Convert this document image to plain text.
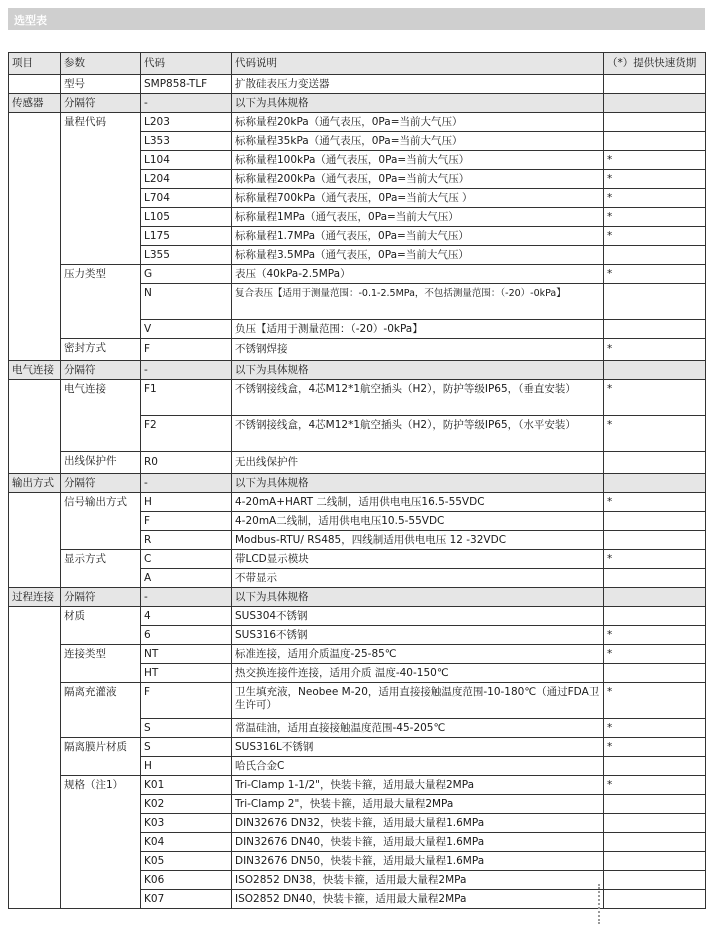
选型表
项目	参数	代码	代码说明	（*）提供快速货期
	型号	SMP858-TLF	扩散硅表压力变送器	
传感器	分隔符	-	以下为具体规格	
	量程代码	L203	标称量程20kPa（通气表压，0Pa=当前大气压）	
		L353	标称量程35kPa（通气表压，0Pa=当前大气压）	
		L104	标称量程100kPa（通气表压，0Pa=当前大气压）	*
		L204	标称量程200kPa（通气表压，0Pa=当前大气压）	*
		L704	标称量程700kPa（通气表压，0Pa=当前大气压 ）	*
		L105	标称量程1MPa（通气表压，0Pa=当前大气压）	*
		L175	标称量程1.7MPa（通气表压，0Pa=当前大气压）	*
		L355	标称量程3.5MPa（通气表压，0Pa=当前大气压）	
	压力类型	G	表压（40kPa-2.5MPa）	*
		N	复合表压【适用于测量范围：-0.1-2.5MPa，不包括测量范围：（-20）-0kPa】	
		V	负压【适用于测量范围：（-20）-0kPa】	
	密封方式	F	不锈钢焊接	*
电气连接	分隔符	-	以下为具体规格	
	电气连接	F1	不锈钢接线盒，4芯M12*1航空插头（H2），防护等级IP65，（垂直安装）	*
		F2	不锈钢接线盒，4芯M12*1航空插头（H2），防护等级IP65，（水平安装）	*
	出线保护件	R0	无出线保护件	
输出方式	分隔符	-	以下为具体规格	
	信号输出方式	H	4-20mA+HART 二线制，适用供电电压16.5-55VDC	*
		F	4-20mA二线制，适用供电电压10.5-55VDC	
		R	Modbus-RTU/ RS485，四线制适用供电电压 12 -32VDC	
	显示方式	C	带LCD显示模块	*
		A	不带显示	
过程连接	分隔符	-	以下为具体规格	
	材质	4	SUS304不锈钢	
		6	SUS316不锈钢	*
	连接类型	NT	标准连接，适用介质温度-25-85℃	*
		HT	热交换连接件连接，适用介质 温度-40-150℃	
	隔离充灌液	F	卫生填充液，Neobee M-20，适用直接接触温度范围-10-180℃（通过FDA卫生许可）	*
		S	常温硅油，适用直接接触温度范围-45-205℃	*
	隔离膜片材质	S	SUS316L不锈钢	*
		H	哈氏合金C	
	规格（注1）	K01	Tri-Clamp 1-1/2"，快装卡箍，适用最大量程2MPa	*
		K02	Tri-Clamp 2"，快装卡箍，适用最大量程2MPa	
		K03	DIN32676 DN32，快装卡箍，适用最大量程1.6MPa	
		K04	DIN32676 DN40，快装卡箍，适用最大量程1.6MPa	
		K05	DIN32676 DN50，快装卡箍，适用最大量程1.6MPa	
		K06	ISO2852 DN38，快装卡箍，适用最大量程2MPa	
		K07	ISO2852 DN40，快装卡箍，适用最大量程2MPa	
